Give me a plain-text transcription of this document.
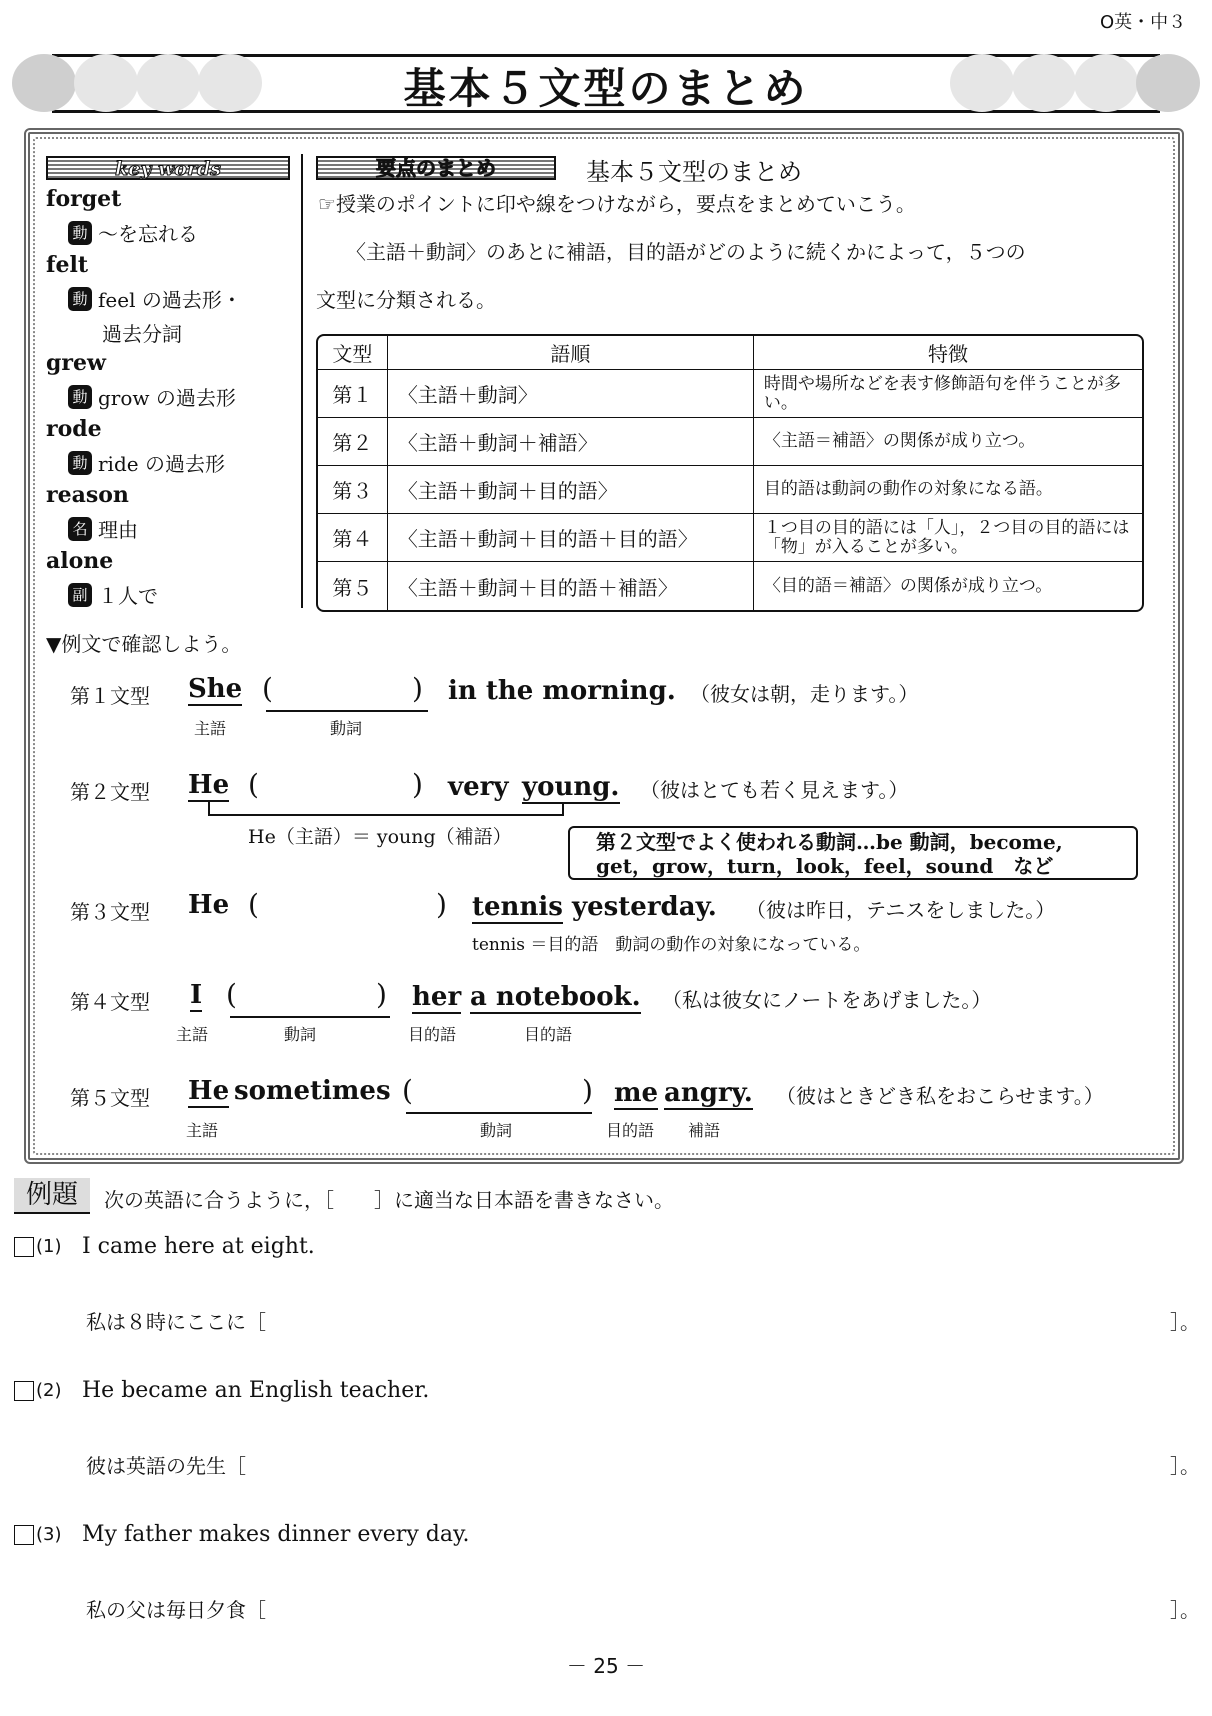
O英・中３
基本５文型のまとめ
key words
forget
動 ～を忘れる
felt
動 feel の過去形・
過去分詞
grew
動 grow の過去形
rode
動 ride の過去形
reason
名 理由
alone
副 １人で
要点のまとめ	基本５文型のまとめ
☞授業のポイントに印や線をつけながら，要点をまとめていこう。
〈主語＋動詞〉のあとに補語，目的語がどのように続くかによって，５つの
文型に分類される。
文型	語順	特徴
第１	〈主語＋動詞〉	時間や場所などを表す修飾語句を伴うことが多い。
第２	〈主語＋動詞＋補語〉	〈主語＝補語〉の関係が成り立つ。
第３	〈主語＋動詞＋目的語〉	目的語は動詞の動作の対象になる語。
第４	〈主語＋動詞＋目的語＋目的語〉	１つ目の目的語には「人」，２つ目の目的語には「物」が入ることが多い。
第５	〈主語＋動詞＋目的語＋補語〉	〈目的語＝補語〉の関係が成り立つ。
▼例文で確認しよう。
第１文型 She (	) in the morning. （彼女は朝，走ります。）
主語	動詞
第２文型 He (	) very young. （彼はとても若く見えます。）
He（主語）＝ young（補語）	第２文型でよく使われる動詞…be 動詞，become,
get，grow，turn，look，feel，sound　など
第３文型 He (	) tennis yesterday. （彼は昨日，テニスをしました。）
tennis ＝目的語　動詞の動作の対象になっている。
第４文型 I (	) her a notebook. （私は彼女にノートをあげました。）
主語	動詞	目的語	目的語
第５文型 He sometimes (	) me angry. （彼はときどき私をおこらせます。）
主語	動詞	目的語 補語
例題	次の英語に合うように，［　　］に適当な日本語を書きなさい。
(1) I came here at eight.
私は８時にここに［	］。
(2) He became an English teacher.
彼は英語の先生［	］。
(3) My father makes dinner every day.
私の父は毎日夕食［	］。
－ 25 －
